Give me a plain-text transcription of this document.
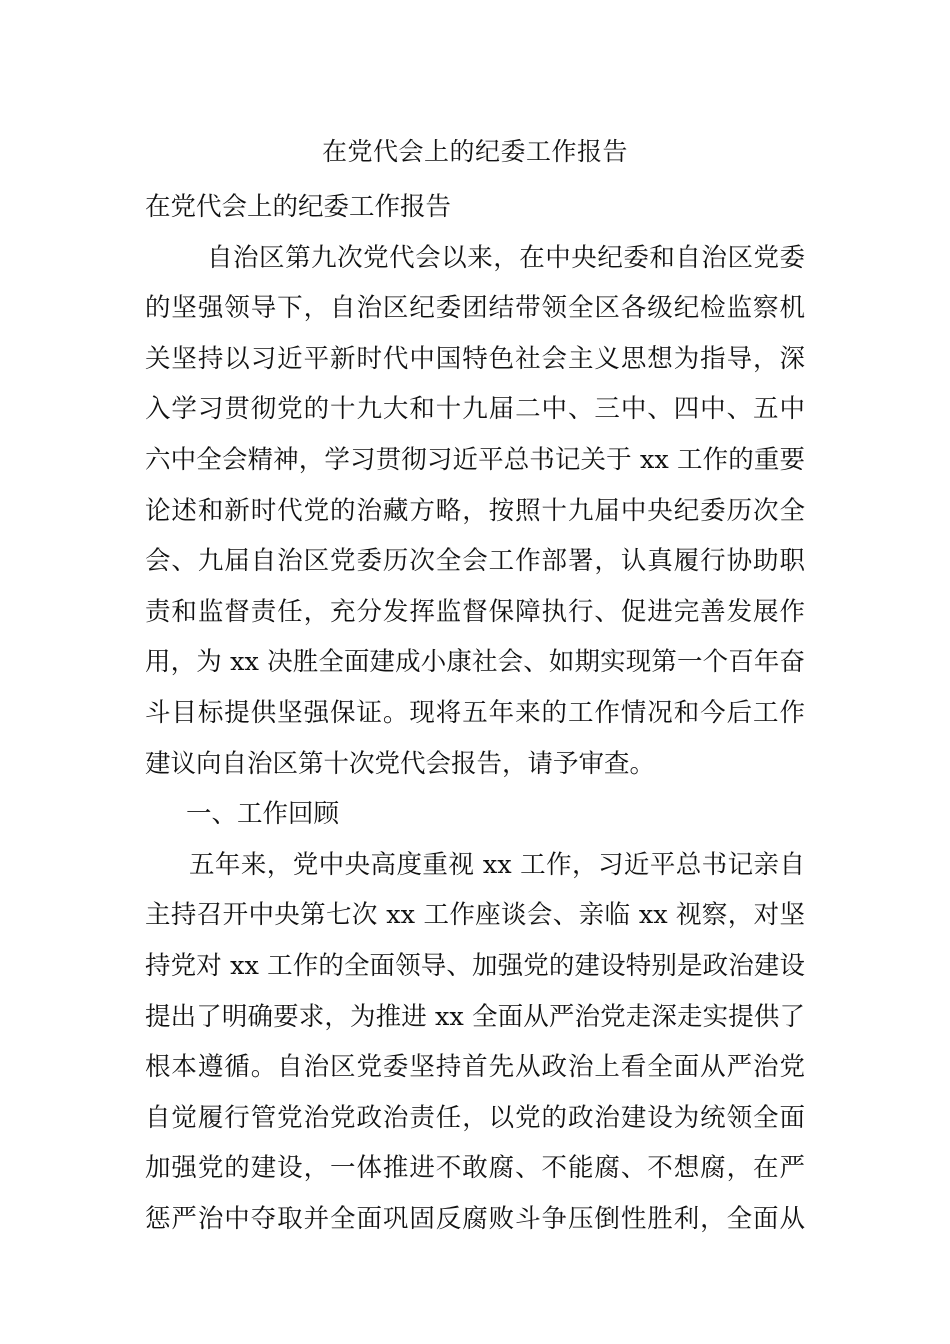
在党代会上的纪委工作报告
在党代会上的纪委工作报告
自治区第九次党代会以来，在中央纪委和自治区党委
的坚强领导下，自治区纪委团结带领全区各级纪检监察机
关坚持以习近平新时代中国特色社会主义思想为指导，深
入学习贯彻党的十九大和十九届二中、三中、四中、五中
六中全会精神，学习贯彻习近平总书记关于 xx 工作的重要
论述和新时代党的治藏方略，按照十九届中央纪委历次全
会、九届自治区党委历次全会工作部署，认真履行协助职
责和监督责任，充分发挥监督保障执行、促进完善发展作
用，为 xx 决胜全面建成小康社会、如期实现第一个百年奋
斗目标提供坚强保证。现将五年来的工作情况和今后工作
建议向自治区第十次党代会报告，请予审查。
一、工作回顾
五年来，党中央高度重视 xx 工作，习近平总书记亲自
主持召开中央第七次 xx 工作座谈会、亲临 xx 视察，对坚
持党对 xx 工作的全面领导、加强党的建设特别是政治建设
提出了明确要求，为推进 xx 全面从严治党走深走实提供了
根本遵循。自治区党委坚持首先从政治上看全面从严治党
自觉履行管党治党政治责任，以党的政治建设为统领全面
加强党的建设，一体推进不敢腐、不能腐、不想腐，在严
惩严治中夺取并全面巩固反腐败斗争压倒性胜利，全面从
